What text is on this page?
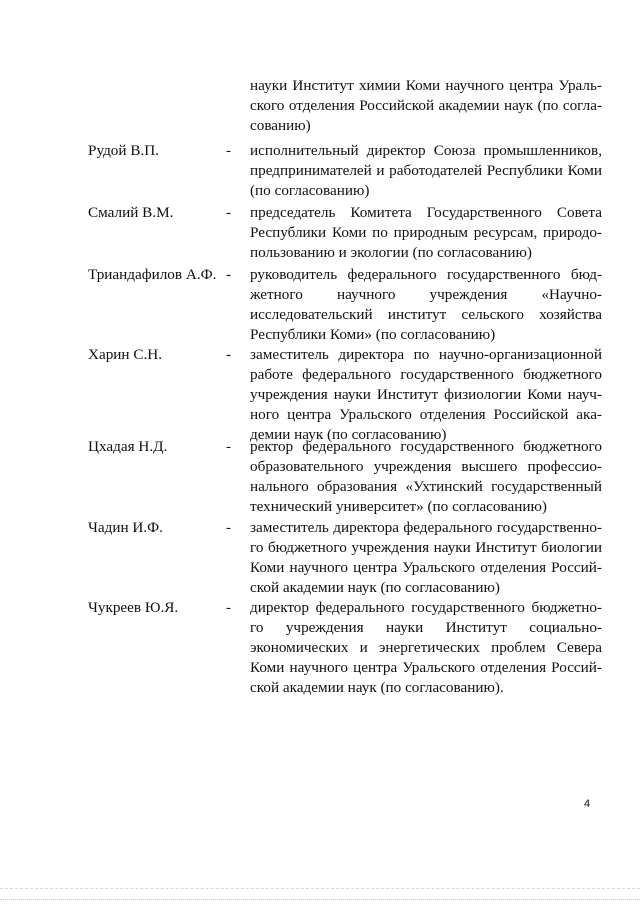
науки Институт химии Коми научного центра Ураль-
ского отделения Российской академии наук (по согла-
сованию)
Рудой В.П.	- исполнительный директор Союза промышленников,
предпринимателей и работодателей Республики Коми
(по согласованию)
Смалий В.М.	- председатель Комитета Государственного Совета
Республики Коми по природным ресурсам, природо-
пользованию и экологии (по согласованию)
Триандафилов А.Ф. - руководитель федерального государственного бюд-
жетного научного учреждения «Научно-
исследовательский институт сельского хозяйства
Республики Коми» (по согласованию)
Харин С.Н.	- заместитель директора по научно-организационной
работе федерального государственного бюджетного
учреждения науки Институт физиологии Коми науч-
ного центра Уральского отделения Российской ака-
демии наук (по согласованию)
Цхадая Н.Д.	- ректор федерального государственного бюджетного
образовательного учреждения высшего профессио-
нального образования «Ухтинский государственный
технический университет» (по согласованию)
Чадин И.Ф.	- заместитель директора федерального государственно-
го бюджетного учреждения науки Институт биологии
Коми научного центра Уральского отделения Россий-
ской академии наук (по согласованию)
Чукреев Ю.Я.	- директор федерального государственного бюджетно-
го учреждения науки Институт социально-
экономических и энергетических проблем Севера
Коми научного центра Уральского отделения Россий-
ской академии наук (по согласованию).
4
